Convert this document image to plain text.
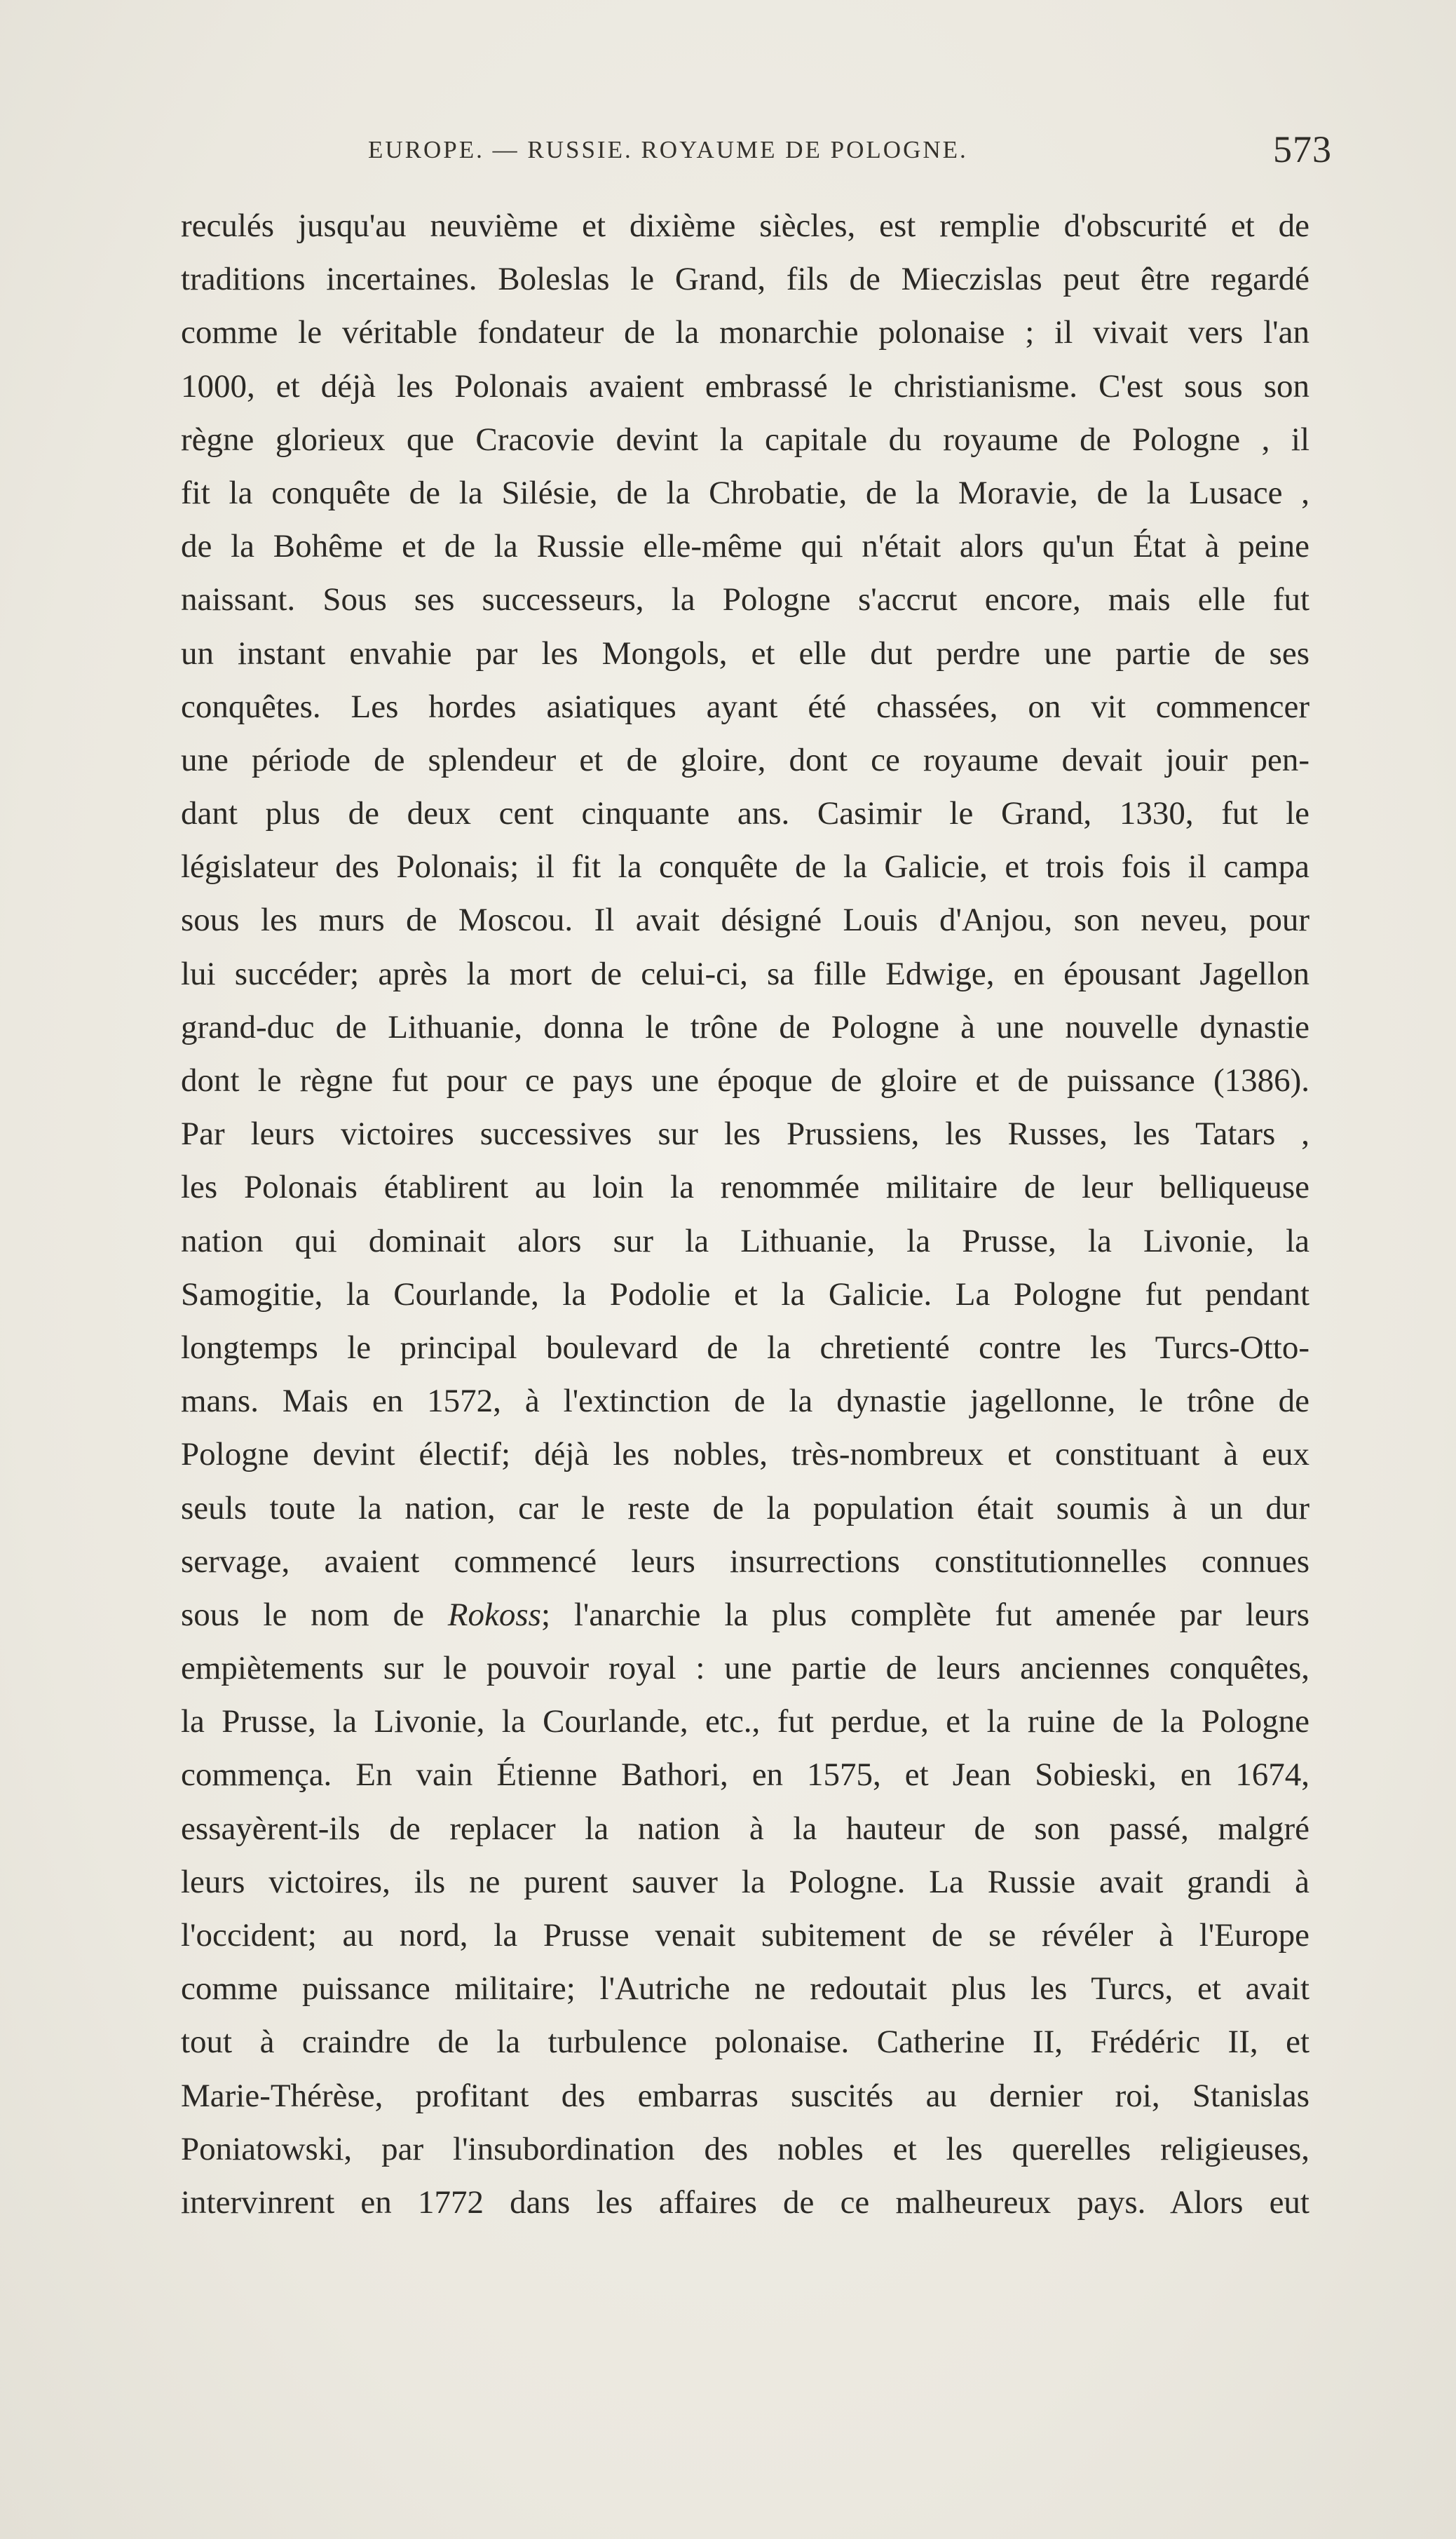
EUROPE. — RUSSIE. ROYAUME DE POLOGNE.	573
reculés jusqu'au neuvième et dixième siècles, est remplie d'obscurité et de
traditions incertaines. Boleslas le Grand, fils de Mieczislas peut être regardé
comme le véritable fondateur de la monarchie polonaise ; il vivait vers l'an
1000, et déjà les Polonais avaient embrassé le christianisme. C'est sous son
règne glorieux que Cracovie devint la capitale du royaume de Pologne , il
fit la conquête de la Silésie, de la Chrobatie, de la Moravie, de la Lusace ,
de la Bohême et de la Russie elle-même qui n'était alors qu'un État à peine
naissant. Sous ses successeurs, la Pologne s'accrut encore, mais elle fut
un instant envahie par les Mongols, et elle dut perdre une partie de ses
conquêtes. Les hordes asiatiques ayant été chassées, on vit commencer
une période de splendeur et de gloire, dont ce royaume devait jouir pen-
dant plus de deux cent cinquante ans. Casimir le Grand, 1330, fut le
législateur des Polonais; il fit la conquête de la Galicie, et trois fois il campa
sous les murs de Moscou. Il avait désigné Louis d'Anjou, son neveu, pour
lui succéder; après la mort de celui-ci, sa fille Edwige, en épousant Jagellon
grand-duc de Lithuanie, donna le trône de Pologne à une nouvelle dynastie
dont le règne fut pour ce pays une époque de gloire et de puissance (1386).
Par leurs victoires successives sur les Prussiens, les Russes, les Tatars ,
les Polonais établirent au loin la renommée militaire de leur belliqueuse
nation qui dominait alors sur la Lithuanie, la Prusse, la Livonie, la
Samogitie, la Courlande, la Podolie et la Galicie. La Pologne fut pendant
longtemps le principal boulevard de la chretienté contre les Turcs-Otto-
mans. Mais en 1572, à l'extinction de la dynastie jagellonne, le trône de
Pologne devint électif; déjà les nobles, très-nombreux et constituant à eux
seuls toute la nation, car le reste de la population était soumis à un dur
servage, avaient commencé leurs insurrections constitutionnelles connues
sous le nom de Rokoss; l'anarchie la plus complète fut amenée par leurs
empiètements sur le pouvoir royal : une partie de leurs anciennes conquêtes,
la Prusse, la Livonie, la Courlande, etc., fut perdue, et la ruine de la Pologne
commença. En vain Étienne Bathori, en 1575, et Jean Sobieski, en 1674,
essayèrent-ils de replacer la nation à la hauteur de son passé, malgré
leurs victoires, ils ne purent sauver la Pologne. La Russie avait grandi à
l'occident; au nord, la Prusse venait subitement de se révéler à l'Europe
comme puissance militaire; l'Autriche ne redoutait plus les Turcs, et avait
tout à craindre de la turbulence polonaise. Catherine II, Frédéric II, et
Marie-Thérèse, profitant des embarras suscités au dernier roi, Stanislas
Poniatowski, par l'insubordination des nobles et les querelles religieuses,
intervinrent en 1772 dans les affaires de ce malheureux pays. Alors eut
